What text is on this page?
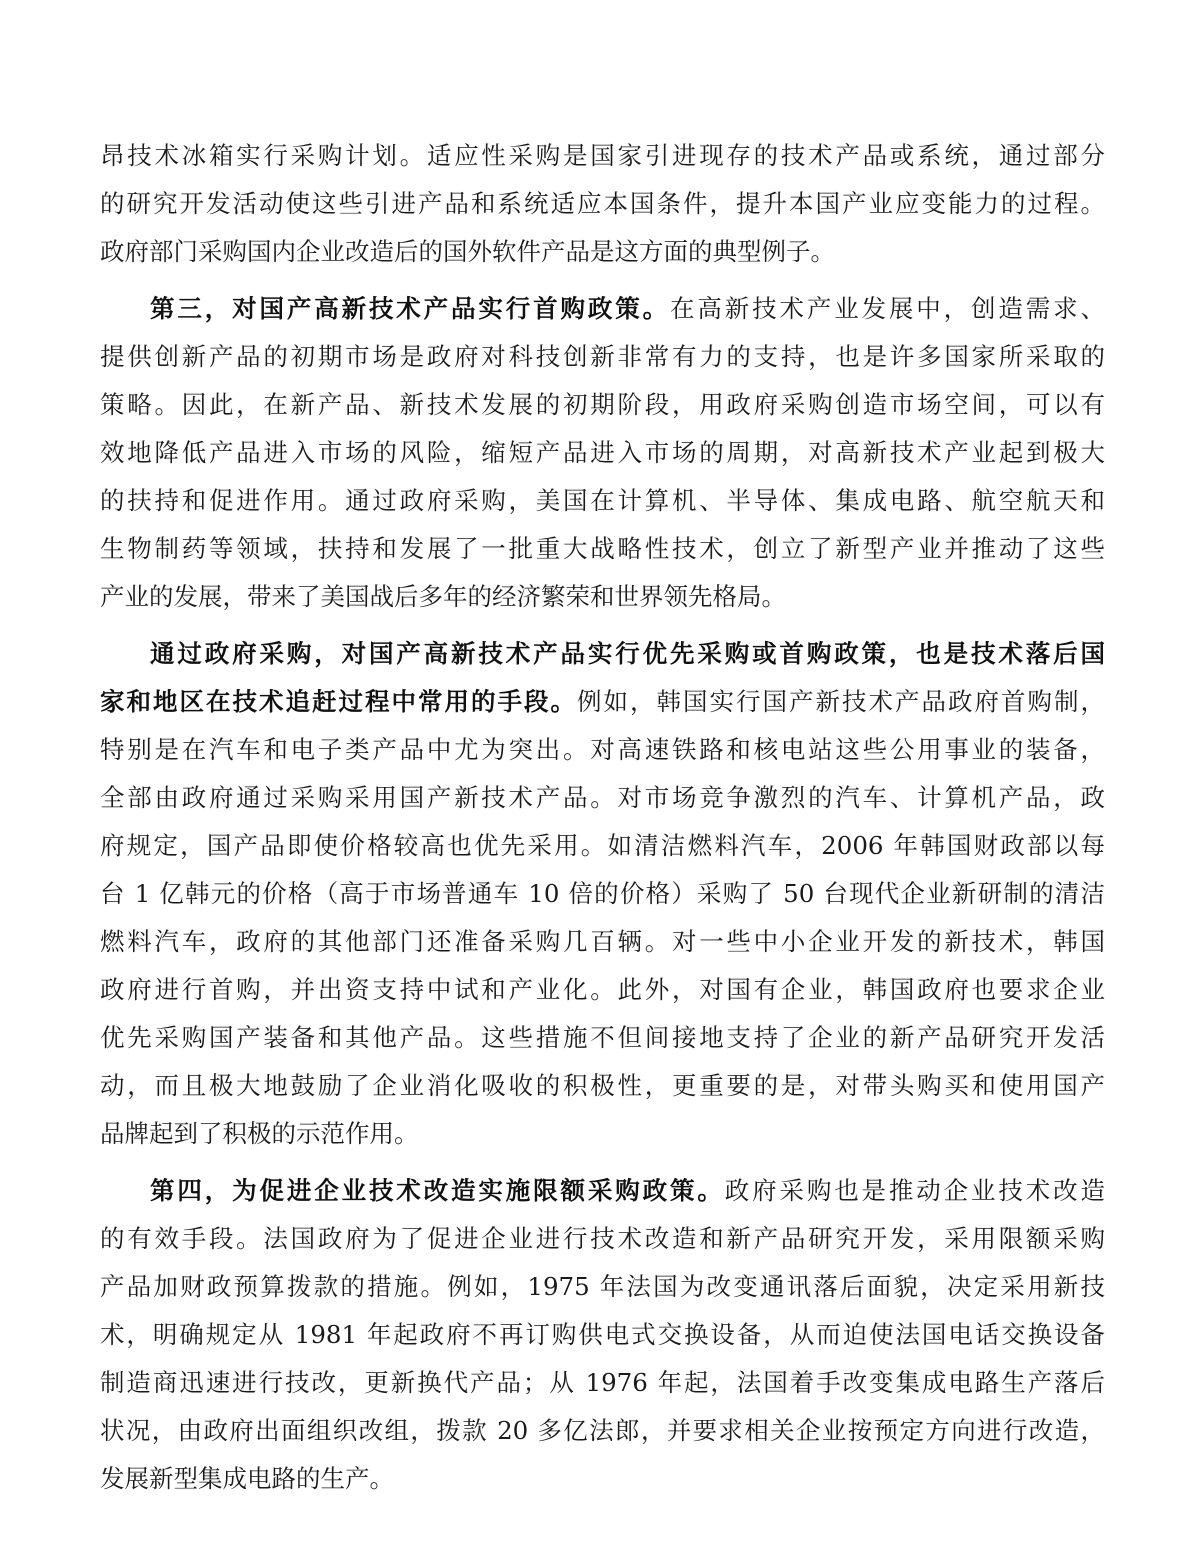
昂技术冰箱实行采购计划。适应性采购是国家引进现存的技术产品或系统，通过部分
的研究开发活动使这些引进产品和系统适应本国条件，提升本国产业应变能力的过程。
政府部门采购国内企业改造后的国外软件产品是这方面的典型例子。
第三，对国产高新技术产品实行首购政策。在高新技术产业发展中，创造需求、
提供创新产品的初期市场是政府对科技创新非常有力的支持，也是许多国家所采取的
策略。因此，在新产品、新技术发展的初期阶段，用政府采购创造市场空间，可以有
效地降低产品进入市场的风险，缩短产品进入市场的周期，对高新技术产业起到极大
的扶持和促进作用。通过政府采购，美国在计算机、半导体、集成电路、航空航天和
生物制药等领域，扶持和发展了一批重大战略性技术，创立了新型产业并推动了这些
产业的发展，带来了美国战后多年的经济繁荣和世界领先格局。
通过政府采购，对国产高新技术产品实行优先采购或首购政策，也是技术落后国
家和地区在技术追赶过程中常用的手段。例如，韩国实行国产新技术产品政府首购制，
特别是在汽车和电子类产品中尤为突出。对高速铁路和核电站这些公用事业的装备，
全部由政府通过采购采用国产新技术产品。对市场竞争激烈的汽车、计算机产品，政
府规定，国产品即使价格较高也优先采用。如清洁燃料汽车，2006 年韩国财政部以每
台 1 亿韩元的价格（高于市场普通车 10 倍的价格）采购了 50 台现代企业新研制的清洁
燃料汽车，政府的其他部门还准备采购几百辆。对一些中小企业开发的新技术，韩国
政府进行首购，并出资支持中试和产业化。此外，对国有企业，韩国政府也要求企业
优先采购国产装备和其他产品。这些措施不但间接地支持了企业的新产品研究开发活
动，而且极大地鼓励了企业消化吸收的积极性，更重要的是，对带头购买和使用国产
品牌起到了积极的示范作用。
第四，为促进企业技术改造实施限额采购政策。政府采购也是推动企业技术改造
的有效手段。法国政府为了促进企业进行技术改造和新产品研究开发，采用限额采购
产品加财政预算拨款的措施。例如，1975 年法国为改变通讯落后面貌，决定采用新技
术，明确规定从 1981 年起政府不再订购供电式交换设备，从而迫使法国电话交换设备
制造商迅速进行技改，更新换代产品；从 1976 年起，法国着手改变集成电路生产落后
状况，由政府出面组织改组，拨款 20 多亿法郎，并要求相关企业按预定方向进行改造，
发展新型集成电路的生产。
